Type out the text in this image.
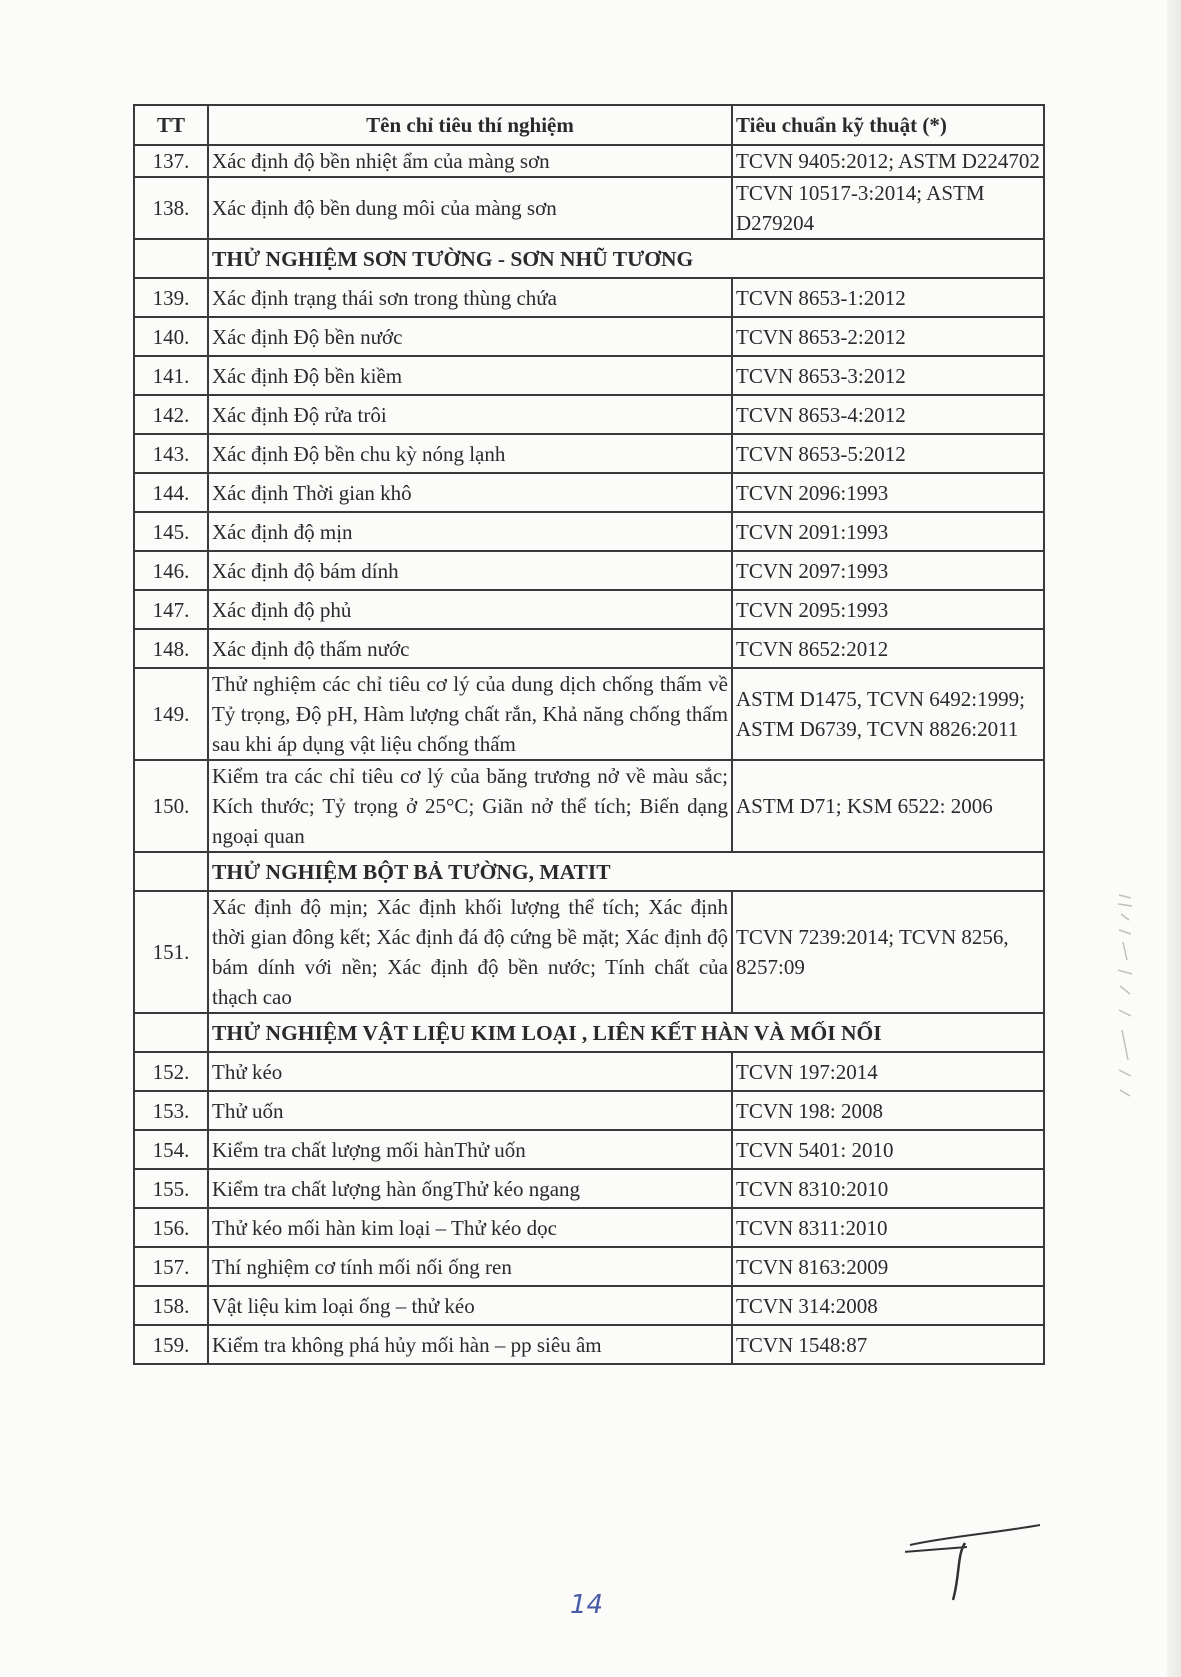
TT	Tên chỉ tiêu thí nghiệm	Tiêu chuẩn kỹ thuật (*)
137.	Xác định độ bền nhiệt ẩm của màng sơn	TCVN 9405:2012; ASTM D224702
138.	Xác định độ bền dung môi của màng sơn	TCVN 10517-3:2014; ASTM D279204
	THỬ NGHIỆM SƠN TƯỜNG - SƠN NHŨ TƯƠNG	
139.	Xác định trạng thái sơn trong thùng chứa	TCVN 8653-1:2012
140.	Xác định Độ bền nước	TCVN 8653-2:2012
141.	Xác định Độ bền kiềm	TCVN 8653-3:2012
142.	Xác định Độ rửa trôi	TCVN 8653-4:2012
143.	Xác định Độ bền chu kỳ nóng lạnh	TCVN 8653-5:2012
144.	Xác định Thời gian khô	TCVN 2096:1993
145.	Xác định độ mịn	TCVN 2091:1993
146.	Xác định độ bám dính	TCVN 2097:1993
147.	Xác định độ phủ	TCVN 2095:1993
148.	Xác định độ thấm nước	TCVN 8652:2012
149.	Thử nghiệm các chỉ tiêu cơ lý của dung dịch chống thấm về Tỷ trọng, Độ pH, Hàm lượng chất rắn, Khả năng chống thấm sau khi áp dụng vật liệu chống thấm	ASTM D1475, TCVN 6492:1999; ASTM D6739, TCVN 8826:2011
150.	Kiểm tra các chỉ tiêu cơ lý của băng trương nở về màu sắc; Kích thước; Tỷ trọng ở 25°C; Giãn nở thể tích; Biến dạng ngoại quan	ASTM D71; KSM 6522: 2006
	THỬ NGHIỆM BỘT BẢ TƯỜNG, MATIT	
151.	Xác định độ mịn; Xác định khối lượng thể tích; Xác định thời gian đông kết; Xác định đá độ cứng bề mặt; Xác định độ bám dính với nền; Xác định độ bền nước; Tính chất của thạch cao	TCVN 7239:2014; TCVN 8256, 8257:09
	THỬ NGHIỆM VẬT LIỆU KIM LOẠI , LIÊN KẾT HÀN VÀ MỐI NỐI	
152.	Thử kéo	TCVN 197:2014
153.	Thử uốn	TCVN 198: 2008
154.	Kiểm tra chất lượng mối hànThử uốn	TCVN 5401: 2010
155.	Kiểm tra chất lượng hàn ốngThử kéo ngang	TCVN 8310:2010
156.	Thử kéo mối hàn kim loại – Thử kéo dọc	TCVN 8311:2010
157.	Thí nghiệm cơ tính mối nối ống ren	TCVN 8163:2009
158.	Vật liệu kim loại ống – thử kéo	TCVN 314:2008
159.	Kiểm tra không phá hủy mối hàn – pp siêu âm	TCVN 1548:87
14
